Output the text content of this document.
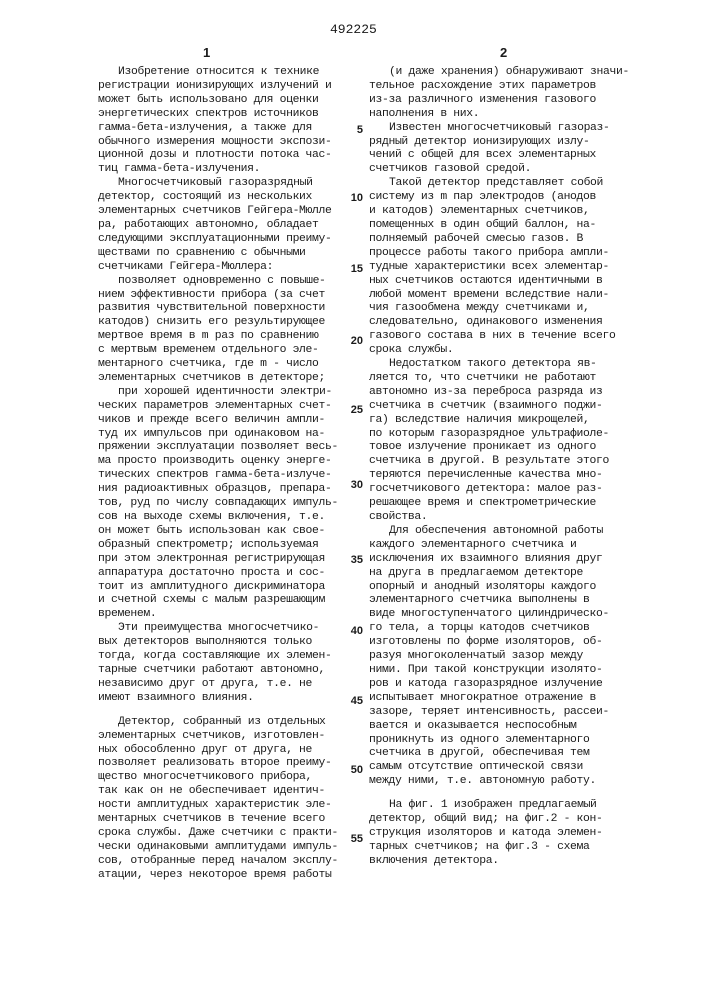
1
492225
2
Изобретение относится к технике
регистрации ионизирующих излучений и
может быть использовано для оценки
энергетических спектров источников
гамма-бета-излучения, а также для
обычного измерения мощности экспози-
ционной дозы и плотности потока час-
тиц гамма-бета-излучения.
Многосчетчиковый газоразрядный
детектор, состоящий из нескольких
элементарных счетчиков Гейгера-Мюлле
ра, работающих автономно, обладает
следующими эксплуатационными преиму-
ществами по сравнению с обычными
счетчиками Гейгера-Мюллера:
позволяет одновременно с повыше-
нием эффективности прибора (за счет
развития чувствительной поверхности
катодов) снизить его результирующее
мертвое время в m раз по сравнению
с мертвым временем отдельного эле-
ментарного счетчика, где m - число
элементарных счетчиков в детекторе;
при хорошей идентичности электри-
ческих параметров элементарных счет-
чиков и прежде всего величин ампли-
туд их импульсов при одинаковом на-
пряжении эксплуатации позволяет весь-
ма просто производить оценку энерге-
тических спектров гамма-бета-излуче-
ния радиоактивных образцов, препара-
тов, руд по числу совпадающих импуль-
сов на выходе схемы включения, т.е.
он может быть использован как свое-
образный спектрометр; используемая
при этом электронная регистрирующая
аппаратура достаточно проста и сос-
тоит из амплитудного дискриминатора
и счетной схемы с малым разрешающим
временем.
Эти преимущества многосчетчико-
вых детекторов выполняются только
тогда, когда составляющие их элемен-
тарные счетчики работают автономно,
независимо друг от друга, т.е. не
имеют взаимного влияния.
Детектор, собранный из отдельных
элементарных счетчиков, изготовлен-
ных обособленно друг от друга, не
позволяет реализовать второе преиму-
щество многосчетчикового прибора,
так как он не обеспечивает идентич-
ности амплитудных характеристик эле-
ментарных счетчиков в течение всего
срока службы. Даже счетчики с практи-
чески одинаковыми амплитудами импуль-
сов, отобранные перед началом эксплу-
атации, через некоторое время работы
(и даже хранения) обнаруживают значи-
тельное расхождение этих параметров
из-за различного изменения газового
наполнения в них.
Известен многосчетчиковый газораз-
рядный детектор ионизирующих излу-
чений с общей для всех элементарных
счетчиков газовой средой.
Такой детектор представляет собой
систему из m пар электродов (анодов
и катодов) элементарных счетчиков,
помещенных в один общий баллон, на-
полняемый рабочей смесью газов. В
процессе работы такого прибора ампли-
тудные характеристики всех элементар-
ных счетчиков остаются идентичными в
любой момент времени вследствие нали-
чия газообмена между счетчиками и,
следовательно, одинакового изменения
газового состава в них в течение всего
срока службы.
Недостатком такого детектора яв-
ляется то, что счетчики не работают
автономно из-за переброса разряда из
счетчика в счетчик (взаимного поджи-
га) вследствие наличия микрощелей,
по которым газоразрядное ультрафиоле-
товое излучение проникает из одного
счетчика в другой. В результате этого
теряются перечисленные качества мно-
госчетчикового детектора: малое раз-
решающее время и спектрометрические
свойства.
Для обеспечения автономной работы
каждого элементарного счетчика и
исключения их взаимного влияния друг
на друга в предлагаемом детекторе
опорный и анодный изоляторы каждого
элементарного счетчика выполнены в
виде многоступенчатого цилиндрическо-
го тела, а торцы катодов счетчиков
изготовлены по форме изоляторов, об-
разуя многоколенчатый зазор между
ними. При такой конструкции изолято-
ров и катода газоразрядное излучение
испытывает многократное отражение в
зазоре, теряет интенсивность, рассеи-
вается и оказывается неспособным
проникнуть из одного элементарного
счетчика в другой, обеспечивая тем
самым отсутствие оптической связи
между ними, т.е. автономную работу.
На фиг. 1 изображен предлагаемый
детектор, общий вид; на фиг.2 - кон-
струкция изоляторов и катода элемен-
тарных счетчиков; на фиг.3 - схема
включения детектора.
5
10
15
20
25
30
35
40
45
50
55
